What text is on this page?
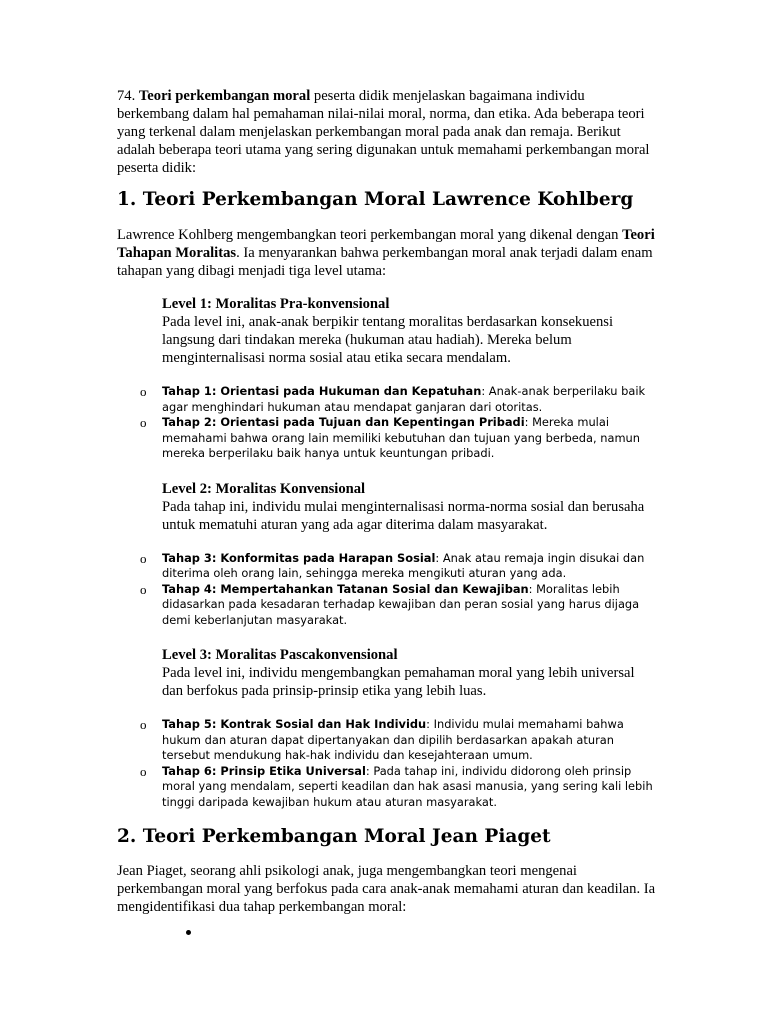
74. Teori perkembangan moral peserta didik menjelaskan bagaimana individu berkembang dalam hal pemahaman nilai-nilai moral, norma, dan etika. Ada beberapa teori yang terkenal dalam menjelaskan perkembangan moral pada anak dan remaja. Berikut adalah beberapa teori utama yang sering digunakan untuk memahami perkembangan moral peserta didik:

1. Teori Perkembangan Moral Lawrence Kohlberg

Lawrence Kohlberg mengembangkan teori perkembangan moral yang dikenal dengan Teori Tahapan Moralitas. Ia menyarankan bahwa perkembangan moral anak terjadi dalam enam tahapan yang dibagi menjadi tiga level utama:

Level 1: Moralitas Pra-konvensional

Pada level ini, anak-anak berpikir tentang moralitas berdasarkan konsekuensi langsung dari tindakan mereka (hukuman atau hadiah). Mereka belum menginternalisasi norma sosial atau etika secara mendalam.

o Tahap 1: Orientasi pada Hukuman dan Kepatuhan: Anak-anak berperilaku baik agar menghindari hukuman atau mendapat ganjaran dari otoritas.
o Tahap 2: Orientasi pada Tujuan dan Kepentingan Pribadi: Mereka mulai memahami bahwa orang lain memiliki kebutuhan dan tujuan yang berbeda, namun mereka berperilaku baik hanya untuk keuntungan pribadi.

Level 2: Moralitas Konvensional

Pada tahap ini, individu mulai menginternalisasi norma-norma sosial dan berusaha untuk mematuhi aturan yang ada agar diterima dalam masyarakat.

o Tahap 3: Konformitas pada Harapan Sosial: Anak atau remaja ingin disukai dan diterima oleh orang lain, sehingga mereka mengikuti aturan yang ada.
o Tahap 4: Mempertahankan Tatanan Sosial dan Kewajiban: Moralitas lebih didasarkan pada kesadaran terhadap kewajiban dan peran sosial yang harus dijaga demi keberlanjutan masyarakat.

Level 3: Moralitas Pascakonvensional

Pada level ini, individu mengembangkan pemahaman moral yang lebih universal dan berfokus pada prinsip-prinsip etika yang lebih luas.

o Tahap 5: Kontrak Sosial dan Hak Individu: Individu mulai memahami bahwa hukum dan aturan dapat dipertanyakan dan dipilih berdasarkan apakah aturan tersebut mendukung hak-hak individu dan kesejahteraan umum.
o Tahap 6: Prinsip Etika Universal: Pada tahap ini, individu didorong oleh prinsip moral yang mendalam, seperti keadilan dan hak asasi manusia, yang sering kali lebih tinggi daripada kewajiban hukum atau aturan masyarakat.
2. Teori Perkembangan Moral Jean Piaget

Jean Piaget, seorang ahli psikologi anak, juga mengembangkan teori mengenai perkembangan moral yang berfokus pada cara anak-anak memahami aturan dan keadilan. Ia mengidentifikasi dua tahap perkembangan moral:
